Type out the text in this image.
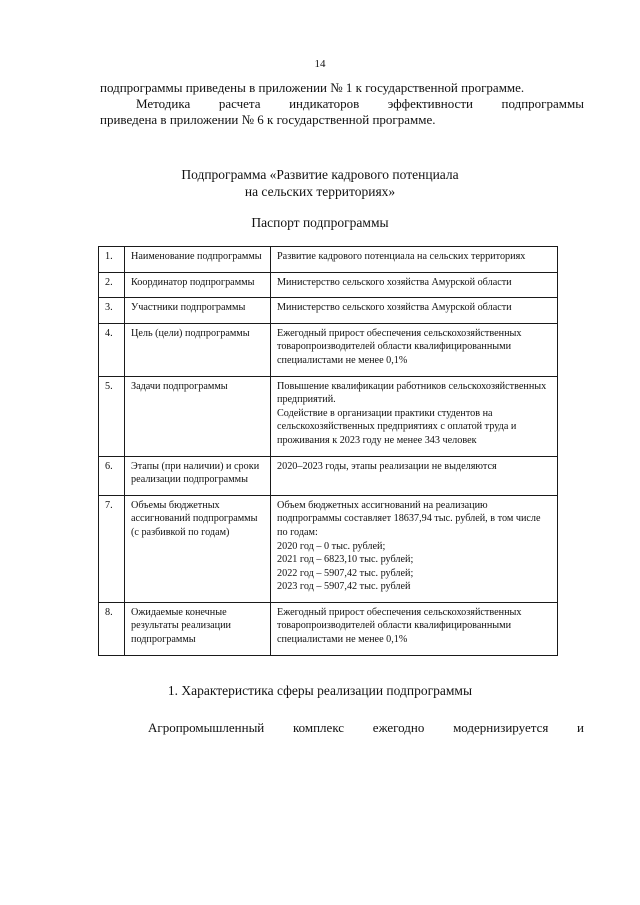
14
подпрограммы приведены в приложении № 1 к государственной программе.
Методика расчета индикаторов эффективности подпрограммы
приведена в приложении № 6 к государственной программе.
Подпрограмма «Развитие кадрового потенциала
на сельских территориях»
Паспорт подпрограммы
1.	Наименование подпрограммы	Развитие кадрового потенциала на сельских территориях

2.	Координатор подпрограммы	Министерство сельского хозяйства Амурской области

3.	Участники подпрограммы	Министерство сельского хозяйства Амурской области

4.	Цель (цели) подпрограммы	Ежегодный прирост обеспечения сельскохозяйственных товаропроизводителей области квалифицированными специалистами не менее 0,1%

5.	Задачи подпрограммы	Повышение квалификации работников сельскохозяйственных предприятий.
Содействие в организации практики студентов на сельскохозяйственных предприятиях с оплатой труда и проживания к 2023 году не менее 343 человек

6.	Этапы (при наличии) и сроки реализации подпрограммы	2020–2023 годы, этапы реализации не выделяются

7.	Объемы бюджетных ассигнований подпрограммы (с разбивкой по годам)	Объем бюджетных ассигнований на реализацию подпрограммы составляет 18637,94 тыс. рублей, в том числе по годам:
2020 год – 0 тыс. рублей;
2021 год – 6823,10 тыс. рублей;
2022 год – 5907,42 тыс. рублей;
2023 год – 5907,42 тыс. рублей

8.	Ожидаемые конечные результаты реализации подпрограммы	Ежегодный прирост обеспечения сельскохозяйственных товаропроизводителей области квалифицированными специалистами не менее 0,1%
1. Характеристика сферы реализации подпрограммы
Агропромышленный комплекс ежегодно модернизируется и
